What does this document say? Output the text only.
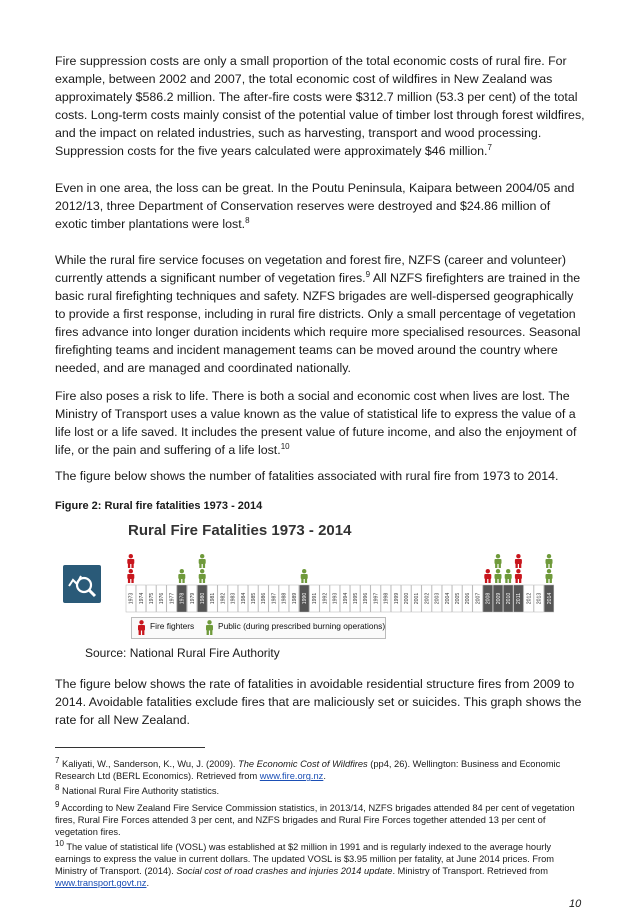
Fire suppression costs are only a small proportion of the total economic costs of rural fire. For example, between 2002 and 2007, the total economic cost of wildfires in New Zealand was approximately $586.2 million. The after-fire costs were $312.7 million (53.3 per cent) of the total costs. Long-term costs mainly consist of the potential value of timber lost through forest wildfires, and the impact on related industries, such as harvesting, transport and wood processing. Suppression costs for the five years calculated were approximately $46 million.$^7$

Even in one area, the loss can be great. In the Poutu Peninsula, Kaipara between 2004/05 and 2012/13, three Department of Conservation reserves were destroyed and $24.86 million of exotic timber plantations were lost.$^8$

While the rural fire service focuses on vegetation and forest fire, NZFS (career and volunteer) currently attends a significant number of vegetation fires.$^9$ All NZFS firefighters are trained in the basic rural firefighting techniques and safety. NZFS brigades are well-dispersed geographically to provide a first response, including in rural fire districts. Only a small percentage of vegetation fires advance into longer duration incidents which require more specialised resources. Seasonal firefighting teams and incident management teams can be moved around the country where needed, and are managed and coordinated nationally.

Fire also poses a risk to life. There is both a social and economic cost when lives are lost. The Ministry of Transport uses a value known as the value of statistical life to express the value of a life lost or a life saved. It includes the present value of future income, and also the enjoyment of life, or the pain and suffering of a life lost.$^{10}$

The figure below shows the number of fatalities associated with rural fire from 1973 to 2014.

Figure 2: Rural fire fatalities 1973 - 2014

Rural Fire Fatalities 1973 - 2014
1973 1974 1975 1976 1977 1978 1979 1980 1981 1982 1983 1984 1985 1986 1987 1988 1989 1990 1991 1992 1993 1994 1995 1996 1997 1998 1999 2000 2001 2002 2003 2004 2005 2006 2007 2008 2009 2010 2011 2012 2013 2014
Fire fighters	Public (during prescribed burning operations)

Source: National Rural Fire Authority

The figure below shows the rate of fatalities in avoidable residential structure fires from 2009 to 2014. Avoidable fatalities exclude fires that are maliciously set or suicides. This graph shows the rate for all New Zealand.

7 Kaliyati, W., Sanderson, K., Wu, J. (2009). The Economic Cost of Wildfires (pp4, 26). Wellington: Business and Economic Research Ltd (BERL Economics). Retrieved from www.fire.org.nz.

8 National Rural Fire Authority statistics.

9 According to New Zealand Fire Service Commission statistics, in 2013/14, NZFS brigades attended 84 per cent of vegetation fires, Rural Fire Forces attended 3 per cent, and NZFS brigades and Rural Fire Forces together attended 13 per cent of vegetation fires.

10 The value of statistical life (VOSL) was established at $2 million in 1991 and is regularly indexed to the average hourly earnings to express the value in current dollars. The updated VOSL is $3.95 million per fatality, at June 2014 prices. From Ministry of Transport. (2014). Social cost of road crashes and injuries 2014 update. Ministry of Transport. Retrieved from www.transport.govt.nz.

10
